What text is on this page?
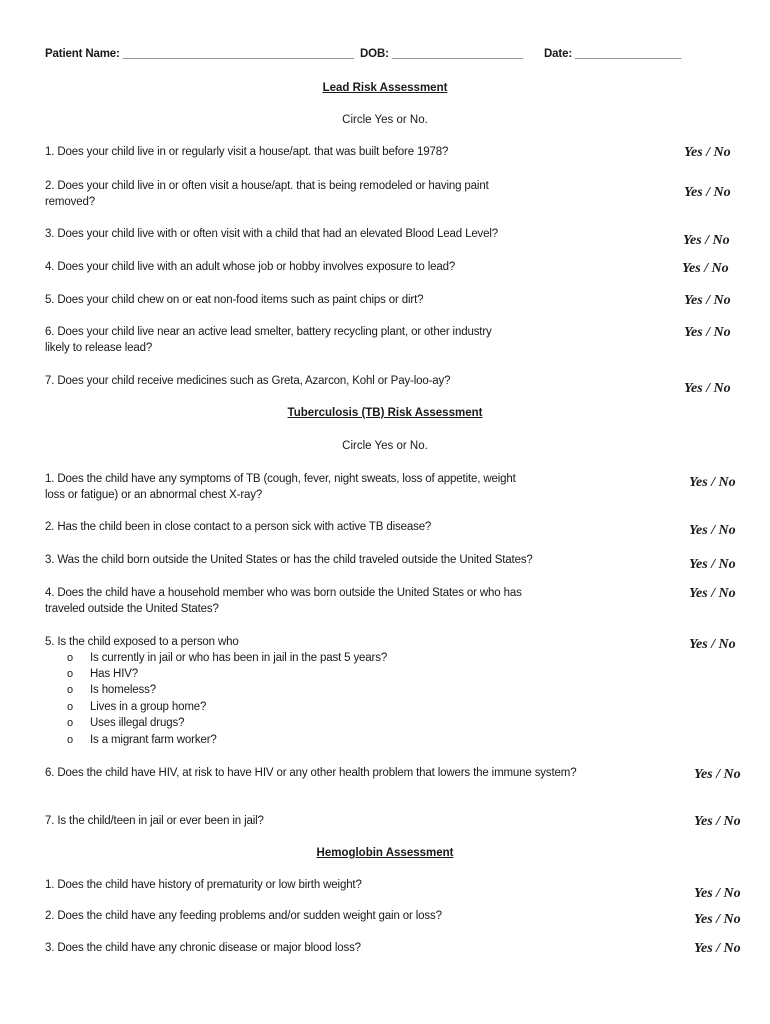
Patient Name: _____________________________________ DOB: _____________________ Date: _________________
Lead Risk Assessment
Circle Yes or No.
1. Does your child live in or regularly visit a house/apt. that was built before 1978?	Yes / No
2. Does your child live in or often visit a house/apt. that is being remodeled or having paint
removed?
Yes / No
3. Does your child live with or often visit with a child that had an elevated Blood Lead Level?	Yes / No
4. Does your child live with an adult whose job or hobby involves exposure to lead?	Yes / No
5. Does your child chew on or eat non-food items such as paint chips or dirt?	Yes / No
6. Does your child live near an active lead smelter, battery recycling plant, or other industry
likely to release lead?
Yes / No
7. Does your child receive medicines such as Greta, Azarcon, Kohl or Pay-loo-ay?	Yes / No
Tuberculosis (TB) Risk Assessment
Circle Yes or No.
1. Does the child have any symptoms of TB (cough, fever, night sweats, loss of appetite, weight
loss or fatigue) or an abnormal chest X-ray?
Yes / No
2. Has the child been in close contact to a person sick with active TB disease?	Yes / No
3. Was the child born outside the United States or has the child traveled outside the United States?	Yes / No
4. Does the child have a household member who was born outside the United States or who has
traveled outside the United States?
Yes / No
5. Is the child exposed to a person who	Yes / No
o Is currently in jail or who has been in jail in the past 5 years?
o Has HIV?
o Is homeless?
o Lives in a group home?
o Uses illegal drugs?
o Is a migrant farm worker?
6. Does the child have HIV, at risk to have HIV or any other health problem that lowers the immune system?	Yes / No
7. Is the child/teen in jail or ever been in jail?	Yes / No
Hemoglobin Assessment
1. Does the child have history of prematurity or low birth weight?
Yes / No
2. Does the child have any feeding problems and/or sudden weight gain or loss?	Yes / No
3. Does the child have any chronic disease or major blood loss?	Yes / No
